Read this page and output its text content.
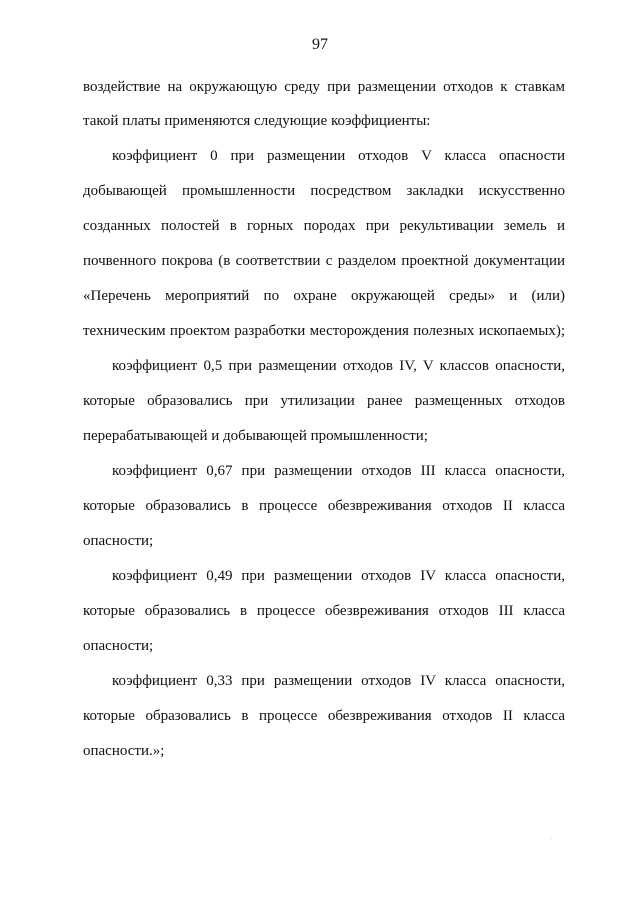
97
воздействие на окружающую среду при размещении отходов к ставкам
такой платы применяются следующие коэффициенты:
коэффициент 0 при размещении отходов V класса опасности
добывающей промышленности посредством закладки искусственно
созданных полостей в горных породах при рекультивации земель и
почвенного покрова (в соответствии с разделом проектной документации
«Перечень мероприятий по охране окружающей среды» и (или)
техническим проектом разработки месторождения полезных ископаемых);
коэффициент 0,5 при размещении отходов IV, V классов опасности,
которые образовались при утилизации ранее размещенных отходов
перерабатывающей и добывающей промышленности;
коэффициент 0,67 при размещении отходов III класса опасности,
которые образовались в процессе обезвреживания отходов II класса
опасности;
коэффициент 0,49 при размещении отходов IV класса опасности,
которые образовались в процессе обезвреживания отходов III класса
опасности;
коэффициент 0,33 при размещении отходов IV класса опасности,
которые образовались в процессе обезвреживания отходов II класса
опасности.»;
